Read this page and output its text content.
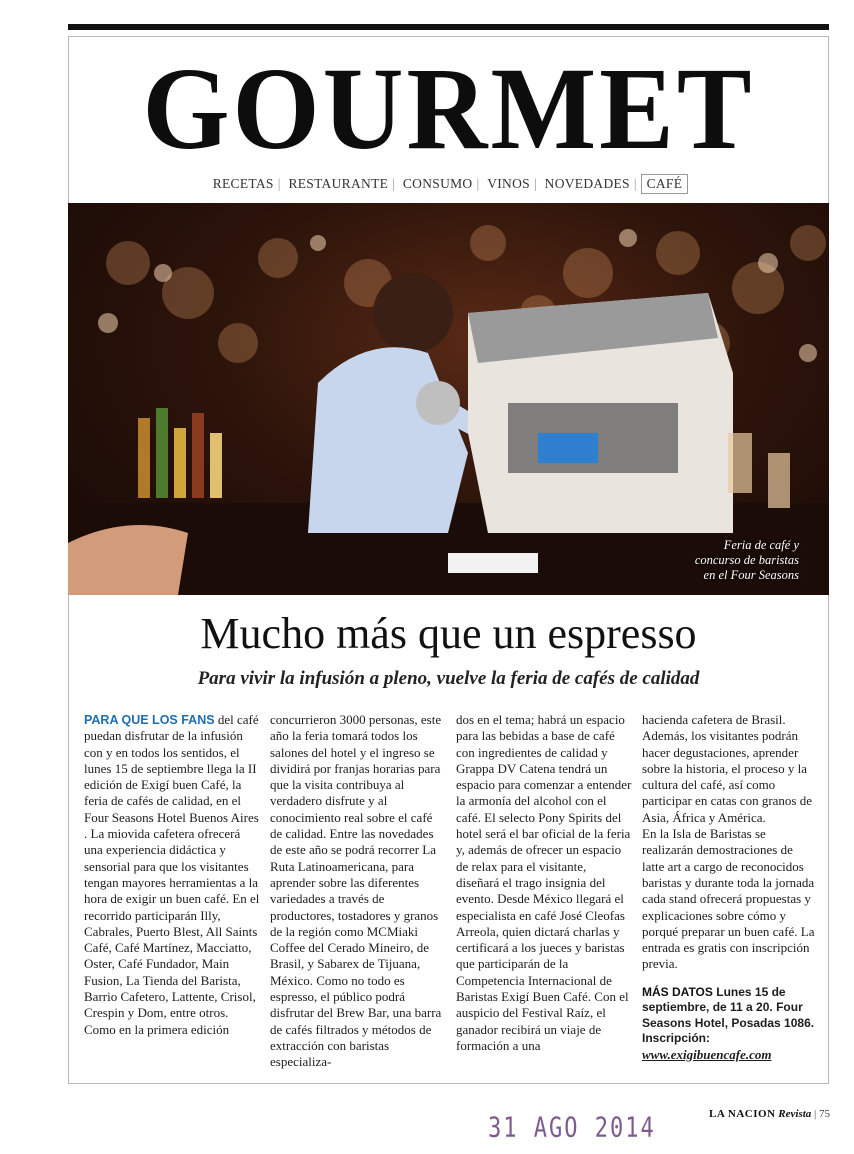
GOURMET
RECETAS | RESTAURANTE | CONSUMO | VINOS | NOVEDADES | CAFÉ
Feria de café y
concurso de baristas
en el Four Seasons
Mucho más que un espresso
Para vivir la infusión a pleno, vuelve la feria de cafés de calidad

PARA QUE LOS FANS del café puedan disfrutar de la infusión con y en todos los sentidos, el lunes 15 de septiembre llega la II edición de Exigí buen Café, la feria de cafés de calidad, en el Four Seasons Hotel Buenos Aires . La miovida cafetera ofrecerá una experiencia didáctica y sensorial para que los visitantes tengan mayores herramientas a la hora de exigir un buen café. En el recorrido participarán Illy, Cabrales, Puerto Blest, All Saints Café, Café Martínez, Macciatto, Oster, Café Fundador, Main Fusion, La Tienda del Barista, Barrio Cafetero, Lattente, Crisol, Crespin y Dom, entre otros. Como en la primera edición

concurrieron 3000 personas, este año la feria tomará todos los salones del hotel y el ingreso se dividirá por franjas horarias para que la visita contribuya al verdadero disfrute y al conocimiento real sobre el café de calidad. Entre las novedades de este año se podrá recorrer La Ruta Latinoamericana, para aprender sobre las diferentes variedades a través de productores, tostadores y granos de la región como MCMiaki Coffee del Cerado Mineiro, de Brasil, y Sabarex de Tijuana, México. Como no todo es espresso, el público podrá disfrutar del Brew Bar, una barra de cafés filtrados y métodos de extracción con baristas especializa-

dos en el tema; habrá un espacio para las bebidas a base de café con ingredientes de calidad y Grappa DV Catena tendrá un espacio para comenzar a entender la armonía del alcohol con el café. El selecto Pony Spirits del hotel será el bar oficial de la feria y, además de ofrecer un espacio de relax para el visitante, diseñará el trago insignia del evento. Desde México llegará el especialista en café José Cleofas Arreola, quien dictará charlas y certificará a los jueces y baristas que participarán de la Competencia Internacional de Baristas Exigí Buen Café. Con el auspicio del Festival Raíz, el ganador recibirá un viaje de formación a una

hacienda cafetera de Brasil. Además, los visitantes podrán hacer degustaciones, aprender sobre la historia, el proceso y la cultura del café, así como participar en catas con granos de Asia, África y América.

En la Isla de Baristas se realizarán demostraciones de latte art a cargo de reconocidos baristas y durante toda la jornada cada stand ofrecerá propuestas y explicaciones sobre cómo y porqué preparar un buen café. La entrada es gratis con inscripción previa.

MÁS DATOS Lunes 15 de septiembre, de 11 a 20. Four Seasons Hotel, Posadas 1086. Inscripción:
www.exigibuencafe.com
LA NACION Revista | 75
31 AGO 2014
